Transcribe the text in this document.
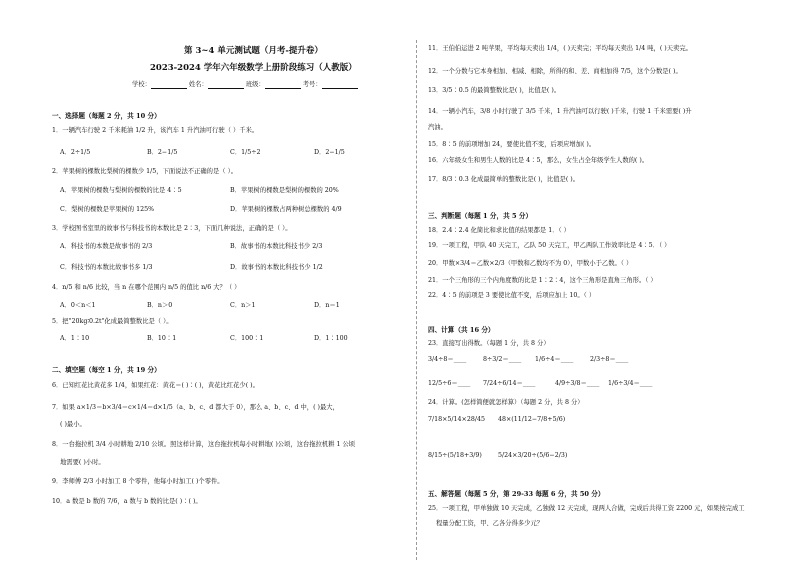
第 3~4 单元测试题（月考-提升卷）
2023-2024 学年六年级数学上册阶段练习（人教版）
学校：	姓名：	班级：	考号：
一、选择题（每题 2 分，共 10 分）
1．一辆汽车行驶 2 千米耗油 1/2 升，该汽车 1 升汽油可行驶（ ）千米。
A．2÷1/5	B．2−1/5	C．1/5÷2	D．2−1/5
2．苹果树的棵数比梨树的棵数少 1/5，下面说法不正确的是（ ）。
A．苹果树的棵数与梨树的棵数的比是 4∶5	B．苹果树的棵数是梨树的棵数的 20%
C．梨树的棵数是苹果树的 125%	D．苹果树的棵数占两种树总棵数的 4/9
3．学校图书室里的故事书与科技书的本数比是 2∶3，下面几种说法，正确的是（ ）。
A．科技书的本数是故事书的 2/3	B．故事书的本数比科技书少 2/3
C．科技书的本数比故事书多 1/3	D．故事书的本数比科技书少 1/2
4．n/5 和 n/6 比较，当 n 在哪个范围内 n/5 的值比 n/6 大？（ ）
A．0＜n＜1	B．n＞0	C．n＞1	D．n＝1
5．把"20kg∶0.2t"化成最简整数比是（ ）。
A．1∶10	B．10∶1	C．100∶1	D．1∶100
二、填空题（每空 1 分，共 19 分）
6．已知红花比黄花多 1/4，如果红花：黄花＝( )∶( )，黄花比红花少( )。
7．如果 a×1/3＝b×3/4＝c×1/4＝d×1/5（a、b、c、d 都大于 0），那么 a、b、c、d 中，( )最大，
( )最小。
8．一台拖拉机 3/4 小时耕地 2/10 公顷。照这样计算，这台拖拉机每小时耕地( )公顷，这台拖拉机耕 1 公顷
地需要( )小时。
9．李师傅 2/3 小时加工 8 个零件，他每小时加工( )个零件。
10．a 数是 b 数的 7/6，a 数与 b 数的比是( )∶( )。
11．王伯伯运进 2 吨苹果，平均每天卖出 1/4，( )天卖完；平均每天卖出 1/4 吨，( )天卖完。
12．一个分数与它本身相加、相减、相除，所得的和、差、商相加得 7/5，这个分数是( )。
13．3/5∶0.5 的最简整数比是( )，比值是( )。
14．一辆小汽车，3/8 小时行驶了 3/5 千米，1 升汽油可以行驶( )千米，行驶 1 千米需要( )升
汽油。
15．8∶5 的前项增加 24，要使比值不变，后项应增加( )。
16．六年级女生和男生人数的比是 4∶5，那么，女生占全年级学生人数的( )。
17．8/3∶0.3 化成最简单的整数比是( )，比值是( )。
三、判断题（每题 1 分，共 5 分）
18．2.4∶2.4 化简比和求比值的结果都是 1．（ ）
19．一项工程，甲队 40 天完工，乙队 50 天完工，甲乙两队工作效率比是 4∶5．（ ）
20．甲数×3/4＝乙数×2/3（甲数和乙数均不为 0），甲数小于乙数。（ ）
21．一个三角形的三个内角度数的比是 1∶2∶4，这个三角形是直角三角形。（ ）
22．4∶5 的前项是 3 要使比值不变，后项应加上 10。（ ）
四、计算（共 16 分）
23．直接写出得数。（每题 1 分，共 8 分）
3/4÷8＝____	8÷3/2＝____ 1/6÷4＝____	2/3÷8＝____
12/5÷6＝____ 7/24÷6/14＝____	4/9÷3/8＝____ 1/6÷3/4＝____
24．计算。(怎样简便就怎样算）（每题 2 分，共 8 分）
7/18×5/14×28/45 48×(11/12−7/8+5/6)
8/15÷(5/18+3/9)	5/24×3/20÷(5/6−2/3)
五、解答题（每题 5 分，第 29-33 每题 6 分，共 50 分）
25．一项工程，甲单独做 10 天完成，乙独做 12 天完成，现两人合做，完成后共得工资 2200 元，如果按完成工
程量分配工资，甲、乙各分得多少元？
